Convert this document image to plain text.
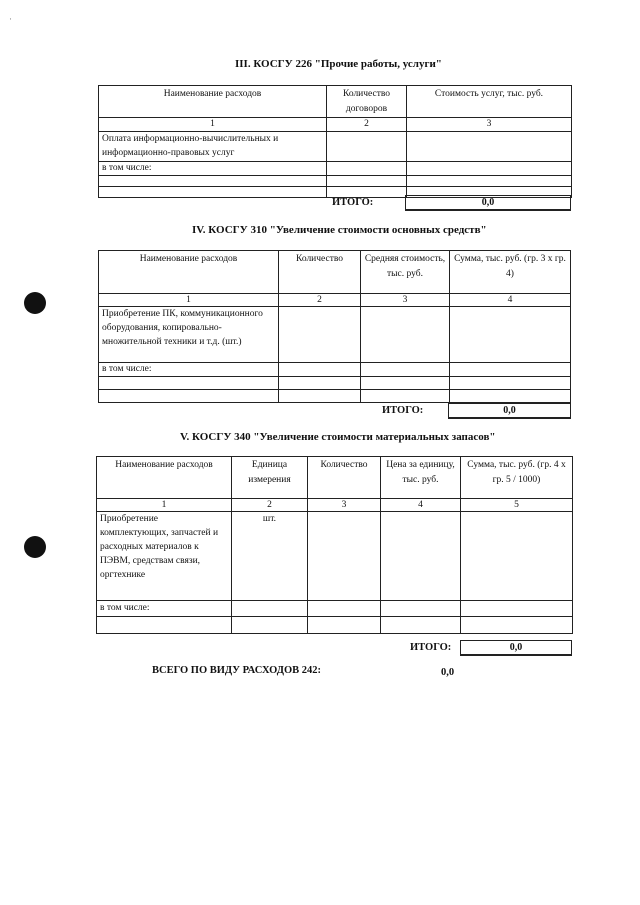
·
III. КОСГУ 226 "Прочие работы, услуги"
Наименование расходов	Количество договоров	Стоимость услуг, тыс. руб.
1	2	3
Оплата информационно-вычислительных и информационно-правовых услуг		
в том числе:		

ИТОГО:	0,0
IV. КОСГУ 310 "Увеличение стоимости основных средств"
Наименование расходов	Количество	Средняя стоимость, тыс. руб.	Сумма, тыс. руб. (гр. 3 х гр. 4)
1	2	3	4
Приобретение ПК, коммуникационного оборудования, копировально-множительной техники и т.д. (шт.)			
в том числе:			

ИТОГО:	0,0
V. КОСГУ 340 "Увеличение стоимости материальных запасов"
Наименование расходов	Единица измерения	Количество	Цена за единицу, тыс. руб.	Сумма, тыс. руб. (гр. 4 х гр. 5 / 1000)
1	2	3	4	5
Приобретение комплектующих, запчастей и расходных материалов к ПЭВМ, средствам связи, оргтехнике	шт.			
в том числе:				

ИТОГО:	0,0
ВСЕГО ПО ВИДУ РАСХОДОВ 242:	0,0
